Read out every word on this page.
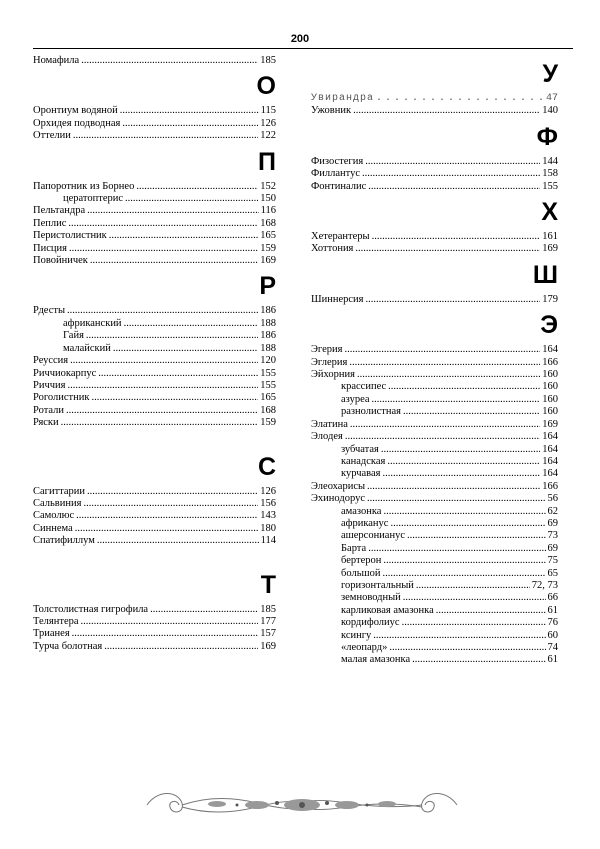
200
Номафила .....	185
О
Оронтиум водяной .....	115
Орхидея подводная .....	126
Оттелии .....	122
П
Папоротник из Борнео .....	152
цератоптерис .....	150
Пельтандра .....	116
Пеплис .....	168
Перистолистник .....	165
Писция .....	159
Повойничек .....	169
Р
Рдесты .....	186
африканский .....	188
Гайя .....	186
малайский .....	188
Реуссия .....	120
Риччиокарпус .....	155
Риччия .....	155
Роголистник .....	165
Ротали .....	168
Ряски .....	159
С
Сагиттарии .....	126
Сальвиния .....	156
Самолюс .....	143
Синнема .....	180
Спатифиллум .....	114
Т
Толстолистная гигрофила .....	185
Телянтера .....	177
Трианея .....	157
Турча болотная .....	169
У
Увирандра .....	47
Ужовник .....	140
Ф
Физостегия .....	144
Филлантус .....	158
Фонтиналис .....	155
Х
Хетерантеры .....	161
Хоттония .....	169
Ш
Шиннерсия .....	179
Э
Эгерия .....	164
Эглерия .....	166
Эйхорния .....	160
крассипес .....	160
азуреа .....	160
разнолистная .....	160
Элатина .....	169
Элодея .....	164
зубчатая .....	164
канадская .....	164
курчавая .....	164
Элеохарисы .....	166
Эхинодорус .....	56
амазонка .....	62
африканус .....	69
ашерсонианус .....	73
Барта .....	69
бертерон .....	75
большой .....	65
горизонтальный .....	72, 73
земноводный .....	66
карликовая амазонка .....	61
кордифолиус .....	76
ксингу .....	60
«леопард» .....	74
малая амазонка .....	61
